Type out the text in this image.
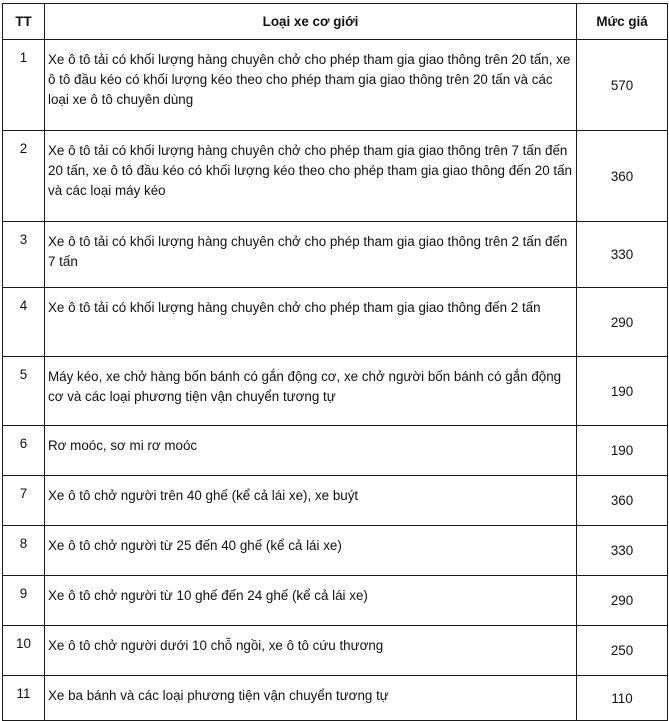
TT	Loại xe cơ giới	Mức giá
1	Xe ô tô tải có khối lượng hàng chuyên chở cho phép tham gia giao thông trên 20 tấn, xe ô tô đầu kéo có khối lượng kéo theo cho phép tham gia giao thông trên 20 tấn và các loại xe ô tô chuyên dùng	570
2	Xe ô tô tải có khối lượng hàng chuyên chở cho phép tham gia giao thông trên 7 tấn đến 20 tấn, xe ô tô đầu kéo có khối lượng kéo theo cho phép tham gia giao thông đến 20 tấn và các loại máy kéo	360
3	Xe ô tô tải có khối lượng hàng chuyên chở cho phép tham gia giao thông trên 2 tấn đến 7 tấn	330
4	Xe ô tô tải có khối lượng hàng chuyên chở cho phép tham gia giao thông đến 2 tấn	290
5	Máy kéo, xe chở hàng bốn bánh có gắn động cơ, xe chở người bốn bánh có gắn động cơ và các loại phương tiện vận chuyển tương tự	190
6	Rơ moóc, sơ mi rơ moóc	190
7	Xe ô tô chở người trên 40 ghế (kể cả lái xe), xe buýt	360
8	Xe ô tô chở người từ 25 đến 40 ghế (kể cả lái xe)	330
9	Xe ô tô chở người từ 10 ghế đến 24 ghế (kể cả lái xe)	290
10	Xe ô tô chở người dưới 10 chỗ ngồi, xe ô tô cứu thương	250
11	Xe ba bánh và các loại phương tiện vận chuyển tương tự	110
